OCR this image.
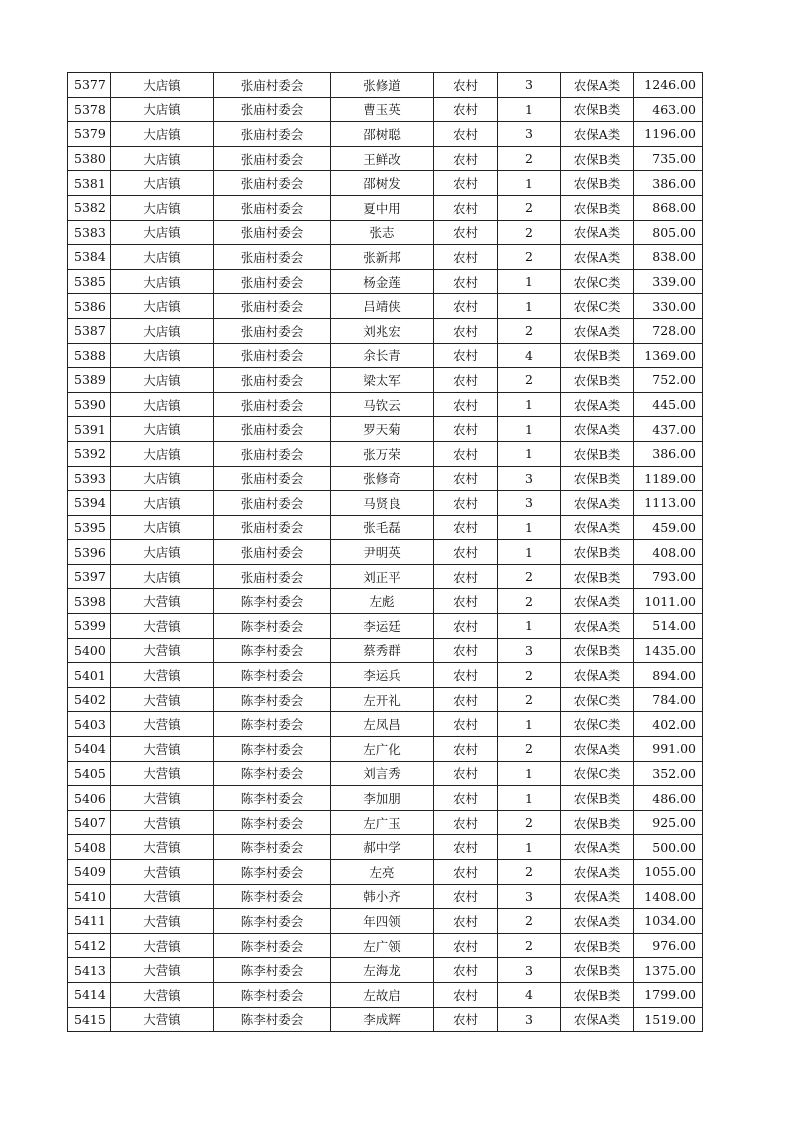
5377	大店镇	张庙村委会	张修道	农村	3	农保A类	1246.00
5378	大店镇	张庙村委会	曹玉英	农村	1	农保B类	463.00
5379	大店镇	张庙村委会	邵树聪	农村	3	农保A类	1196.00
5380	大店镇	张庙村委会	王鲜改	农村	2	农保B类	735.00
5381	大店镇	张庙村委会	邵树发	农村	1	农保B类	386.00
5382	大店镇	张庙村委会	夏中用	农村	2	农保B类	868.00
5383	大店镇	张庙村委会	张志	农村	2	农保A类	805.00
5384	大店镇	张庙村委会	张新邦	农村	2	农保A类	838.00
5385	大店镇	张庙村委会	杨金莲	农村	1	农保C类	339.00
5386	大店镇	张庙村委会	吕靖侠	农村	1	农保C类	330.00
5387	大店镇	张庙村委会	刘兆宏	农村	2	农保A类	728.00
5388	大店镇	张庙村委会	余长青	农村	4	农保B类	1369.00
5389	大店镇	张庙村委会	梁太军	农村	2	农保B类	752.00
5390	大店镇	张庙村委会	马钦云	农村	1	农保A类	445.00
5391	大店镇	张庙村委会	罗天菊	农村	1	农保A类	437.00
5392	大店镇	张庙村委会	张万荣	农村	1	农保B类	386.00
5393	大店镇	张庙村委会	张修奇	农村	3	农保B类	1189.00
5394	大店镇	张庙村委会	马贤良	农村	3	农保A类	1113.00
5395	大店镇	张庙村委会	张毛磊	农村	1	农保A类	459.00
5396	大店镇	张庙村委会	尹明英	农村	1	农保B类	408.00
5397	大店镇	张庙村委会	刘正平	农村	2	农保B类	793.00
5398	大营镇	陈李村委会	左彪	农村	2	农保A类	1011.00
5399	大营镇	陈李村委会	李运廷	农村	1	农保A类	514.00
5400	大营镇	陈李村委会	蔡秀群	农村	3	农保B类	1435.00
5401	大营镇	陈李村委会	李运兵	农村	2	农保A类	894.00
5402	大营镇	陈李村委会	左开礼	农村	2	农保C类	784.00
5403	大营镇	陈李村委会	左凤昌	农村	1	农保C类	402.00
5404	大营镇	陈李村委会	左广化	农村	2	农保A类	991.00
5405	大营镇	陈李村委会	刘言秀	农村	1	农保C类	352.00
5406	大营镇	陈李村委会	李加朋	农村	1	农保B类	486.00
5407	大营镇	陈李村委会	左广玉	农村	2	农保B类	925.00
5408	大营镇	陈李村委会	郝中学	农村	1	农保A类	500.00
5409	大营镇	陈李村委会	左亮	农村	2	农保A类	1055.00
5410	大营镇	陈李村委会	韩小齐	农村	3	农保A类	1408.00
5411	大营镇	陈李村委会	年四领	农村	2	农保A类	1034.00
5412	大营镇	陈李村委会	左广领	农村	2	农保B类	976.00
5413	大营镇	陈李村委会	左海龙	农村	3	农保B类	1375.00
5414	大营镇	陈李村委会	左故启	农村	4	农保B类	1799.00
5415	大营镇	陈李村委会	李成辉	农村	3	农保A类	1519.00
